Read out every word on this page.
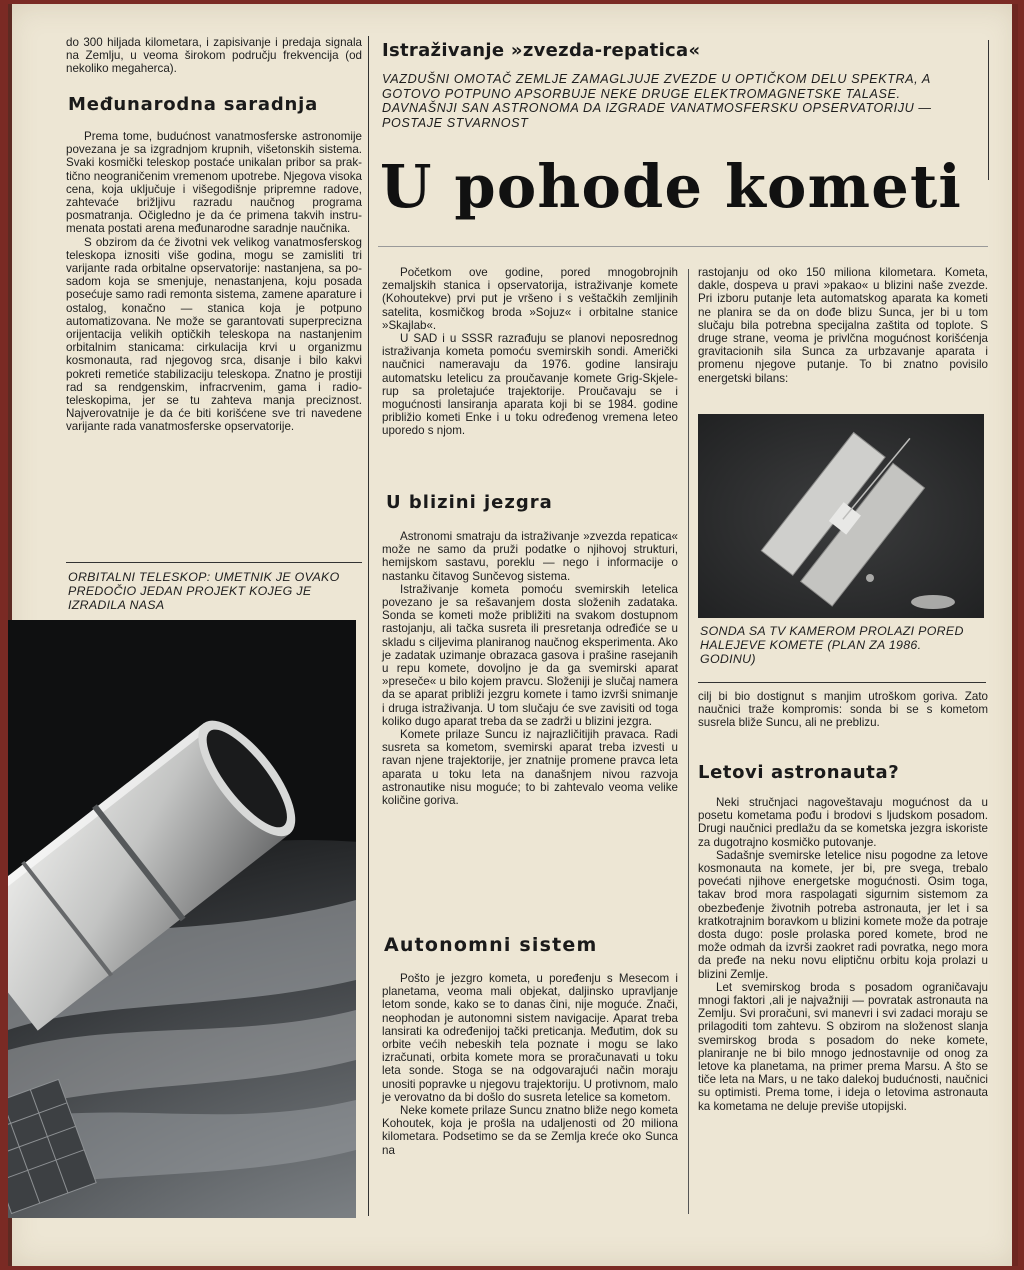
do 300 hiljada kilometara, i zapisivanje i predaja signala na Zemlju, u veoma širokom području frekvencija (od nekoliko megaherca).

Međunarodna saradnja

Prema tome, budućnost vanatmosferske astronomije povezana je sa izgradnjom krupnih, višetonskih sistema. Svaki kosmički teleskop postaće unikalan pribor sa praktično neograničenim vremenom upotrebe. Njegova visoka cena, koja uključuje i višegodišnje pripremne radove, zahtevaće brižljivu razradu naučnog programa posmatranja. Očigledno je da će primena takvih instrumenata postati arena međunarodne saradnje naučnika.

S obzirom da će životni vek velikog vanatmosferskog teleskopa iznositi više godina, mogu se zamisliti tri varijante rada orbitalne opservatorije: nastanjena, sa posadom koja se smenjuje, nenastanjena, koju posada posećuje samo radi remonta sistema, zamene aparature i ostalog, konačno — stanica koja je potpuno automatizovana. Ne može se garantovati superpreciznа orijentacija velikih optičkih teleskopa na nastanjenim orbitalnim stanicama: cirkulacija krvi u organizmu kosmonauta, rad njegovog srca, disanje i bilo kakvi pokreti remetiće stabilizaciju teleskopa. Znatno je prostiji rad sa rendgenskim, infracrvenim, gama i radioteleskopima, jer se tu zahteva manja preciznost. Najverovatnije je da će biti korišćene sve tri navedene varijante rada vanatmosferske opservatorije.

ORBITALNI TELESKOP: UMETNIK JE OVAKO PREDOČIO JEDAN PROJEKT KOJEG JE IZRADILA NASA
Istraživanje »zvezda-repatica«
VAZDUŠNI OMOTAČ ZEMLJE ZAMAGLJUJE ZVEZDE U OPTIČKOM DELU SPEKTRA, A GOTOVO POTPUNO APSORBUJE NEKE DRUGE ELEKTROMAGNETSKE TALASE. DAVNAŠNJI SAN ASTRONOMA DA IZGRADE VANATMOSFERSKU OPSERVATORIJU — POSTAJE STVARNOST
U pohode kometi

Početkom ove godine, pored mnogobrojnih zemaljskih stanica i opservatorija, istraživanje komete (Kohoutekve) prvi put je vršeno i s veštačkih zemljinih satelita, kosmičkog broda »Sojuz« i orbitalne stanice »Skajlab«.

U SAD i u SSSR razrađuju se planovi neposrednog istraživanja kometa pomoću svemirskih sondi. Američki naučnici nameravaju da 1976. godine lansiraju automatsku letelicu za proučavanje komete Grig-Skjelerup sa proletajuće trajektorije. Proučavaju se i mogućnosti lansiranja aparata koji bi se 1984. godine približio kometi Enke i u toku određenog vremena leteo uporedo s njom.

U blizini jezgra

Astronomi smatraju da istraživanje »zvezda repatica« može ne samo da pruži podatke o njihovoj strukturi, hemijskom sastavu, poreklu — nego i informacije o nastanku čitavog Sunčevog sistema.

Istraživanje kometa pomoću svemirskih letelica povezano je sa rešavanjem dosta složenih zadataka. Sonda se kometi može približiti na svakom dostupnom rastojanju, ali tačka susreta ili presretanja određiće se u skladu s ciljevima planiranog naučnog eksperimenta. Ako je zadatak uzimanje obrazaca gasova i prašine rasejanih u repu komete, dovoljno je da ga svemirski aparat »preseče« u bilo kojem pravcu. Složeniji je slučaj namera da se aparat približi jezgru komete i tamo izvrši snimanje i druga istraživanja. U tom slučaju će sve zavisiti od toga koliko dugo aparat treba da se zadrži u blizini jezgra.

Komete prilaze Suncu iz najrazličitijih pravaca. Radi susreta sa kometom, svemirski aparat treba izvesti u ravan njene trajektorije, jer znatnije promene pravca leta aparata u toku leta na današnjem nivou razvoja astronautike nisu moguće; to bi zahtevalo veoma velike količine goriva.

Autonomni sistem

Pošto je jezgro kometa, u poređenju s Mesecom i planetama, veoma mali objekat, daljinsko upravljanje letom sonde, kako se to danas čini, nije moguće. Znači, neophodan je autonomni sistem navigacije. Aparat treba lansirati ka određenijoj tački preticanja. Međutim, dok su orbite većih nebeskih tela poznate i mogu se lako izračunati, orbita komete mora se proračunavati u toku leta sonde. Stoga se na odgovarajući način moraju unositi popravke u njegovu trajektoriju. U protivnom, malo je verovatno da bi došlo do susreta letelice sa kometom.

Neke komete prilaze Suncu znatno bliže nego kometa Kohoutek, koja je prošla na udaljenosti od 20 miliona kilometara. Podsetimo se da se Zemlja kreće oko Sunca na

rastojanju od oko 150 miliona kilometara. Kometa, dakle, dospeva u pravi »pakao« u blizini naše zvezde. Pri izboru putanje leta automatskog aparata ka kometi ne planira se da on dođe blizu Sunca, jer bi u tom slučaju bila potrebna specijalna zaštita od toplote. S druge strane, veoma je privlčna mogućnost korišćenja gravitacionih sila Sunca za urbzavanje aparata i promenu njegove putanje. To bi znatno povisilo energetski bilans:

SONDA SA TV KAMEROM PROLAZI PORED HALEJEVE KOMETE (PLAN ZA 1986. GODINU)

cilj bi bio dostignut s manjim utroškom goriva. Zato naučnici traže kompromis: sonda bi se s kometom susrela bliže Suncu, ali ne preblizu.

Letovi astronauta?

Neki stručnjaci nagoveštavaju mogućnost da u posetu kometama pođu i brodovi s ljudskom posadom. Drugi naučnici predlažu da se kometska jezgra iskoriste za dugotrajno kosmičko putovanje.

Sadašnje svemirske letelice nisu pogodne za letove kosmonauta na komete, jer bi, pre svega, trebalo povećati njihove energetske mogućnosti. Osim toga, takav brod mora raspolagati sigurnim sistemom za obezbeđenje životnih potreba astronauta, jer let i sa kratkotrajnim boravkom u blizini komete može da potraje dosta dugo: posle prolaska pored komete, brod ne može odmah da izvrši zaokret radi povratka, nego mora da pređe na neku novu eliptičnu orbitu koja prolazi u blizini Zemlje.

Let svemirskog broda s posadom ograničavaju mnogi faktori ,ali je najvažniji — povratak astronauta na Zemlju. Svi proračuni, svi manevri i svi zadaci moraju se prilagoditi tom zahtevu. S obzirom na složenost slanja svemirskog broda s posadom do neke komete, planiranje ne bi bilo mnogo jednostavnije od onog za letove ka planetama, na primer prema Marsu. A što se tiče leta na Mars, u ne tako dalekoj budućnosti, naučnici su optimisti. Prema tome, i ideja o letovima astronauta ka kometama ne deluje previše utopijski.
